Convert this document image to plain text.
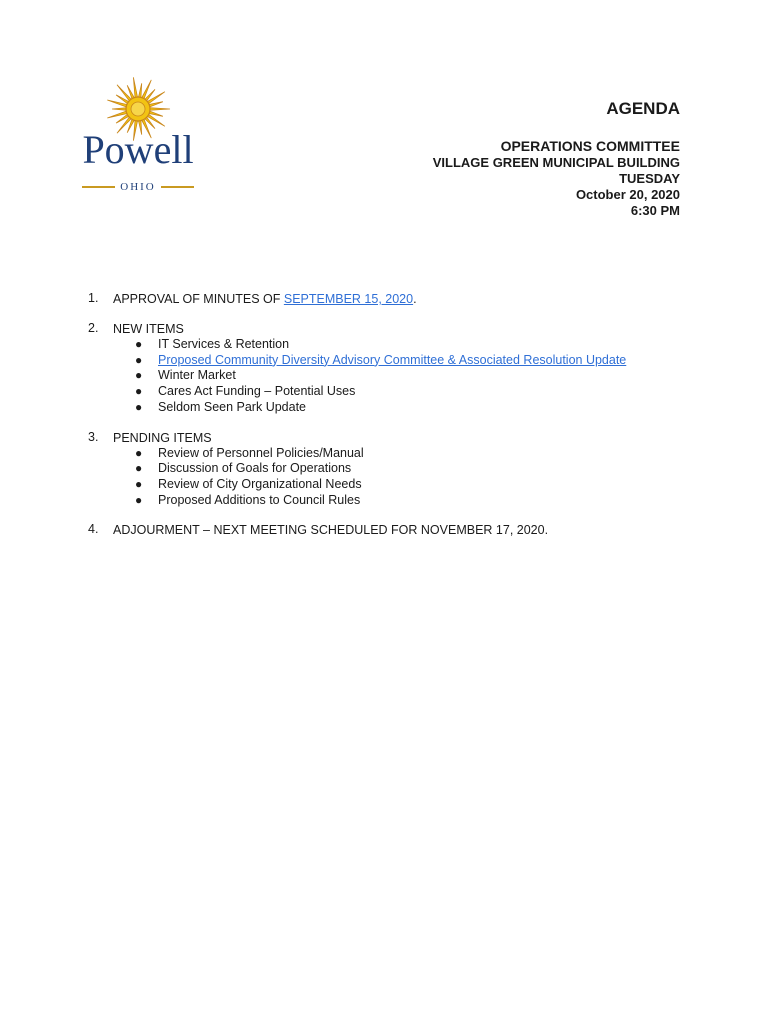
Powell
OHIO
AGENDA
OPERATIONS COMMITTEE
VILLAGE GREEN MUNICIPAL BUILDING
TUESDAY
October 20, 2020
6:30 PM
1. APPROVAL OF MINUTES OF SEPTEMBER 15, 2020.
2. NEW ITEMS
● IT Services & Retention
● Proposed Community Diversity Advisory Committee & Associated Resolution Update
● Winter Market
● Cares Act Funding – Potential Uses
● Seldom Seen Park Update
3. PENDING ITEMS
● Review of Personnel Policies/Manual
● Discussion of Goals for Operations
● Review of City Organizational Needs
● Proposed Additions to Council Rules
4. ADJOURMENT – NEXT MEETING SCHEDULED FOR NOVEMBER 17, 2020.
